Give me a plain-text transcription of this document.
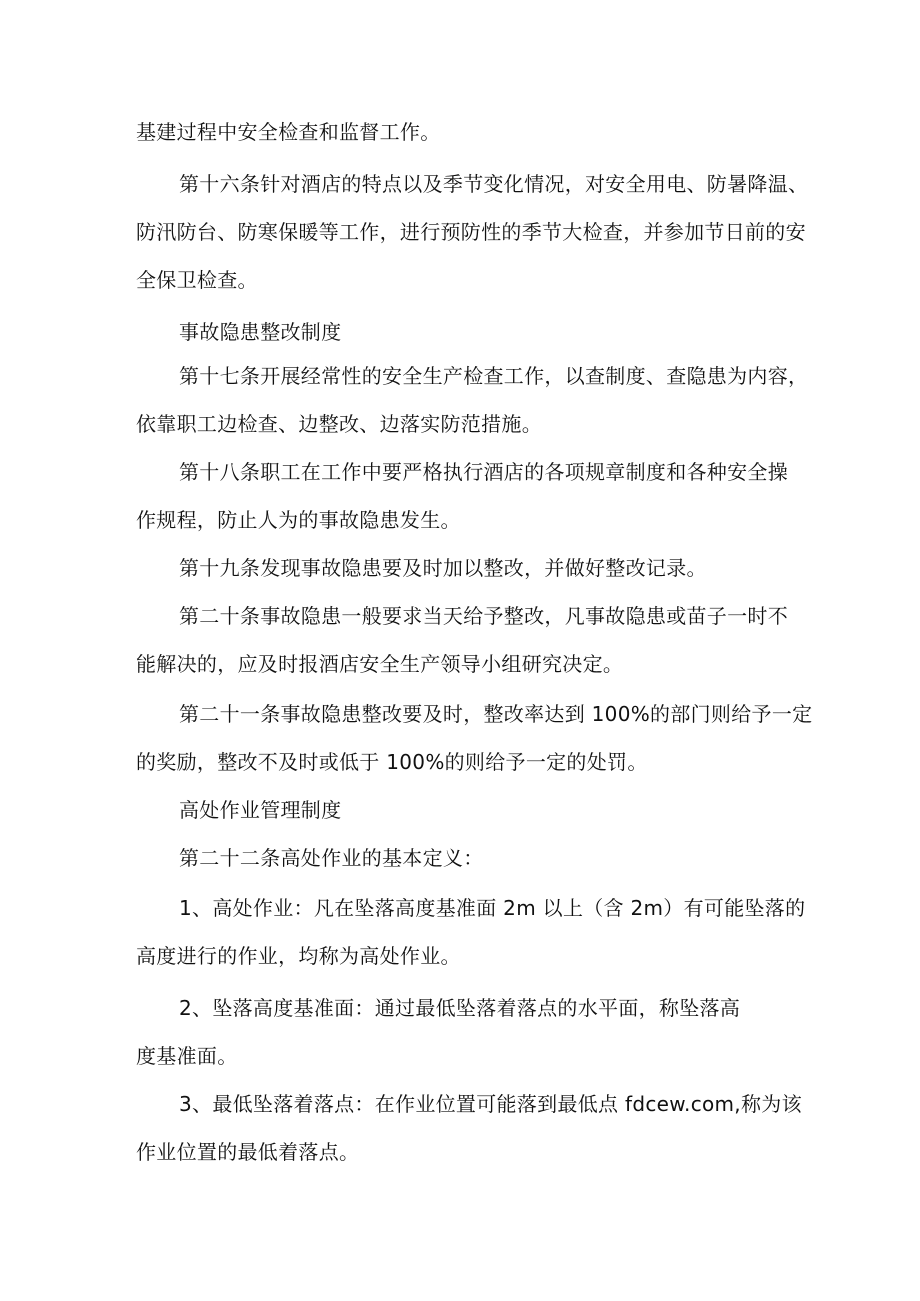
基建过程中安全检查和监督工作。
第十六条针对酒店的特点以及季节变化情况，对安全用电、防暑降温、
防汛防台、防寒保暖等工作，进行预防性的季节大检查，并参加节日前的安
全保卫检查。
事故隐患整改制度
第十七条开展经常性的安全生产检查工作，以查制度、查隐患为内容，
依靠职工边检查、边整改、边落实防范措施。
第十八条职工在工作中要严格执行酒店的各项规章制度和各种安全操
作规程，防止人为的事故隐患发生。
第十九条发现事故隐患要及时加以整改，并做好整改记录。
第二十条事故隐患一般要求当天给予整改，凡事故隐患或苗子一时不
能解决的，应及时报酒店安全生产领导小组研究决定。
第二十一条事故隐患整改要及时，整改率达到 100%的部门则给予一定
的奖励，整改不及时或低于 100%的则给予一定的处罚。
高处作业管理制度
第二十二条高处作业的基本定义：
1、高处作业：凡在坠落高度基准面 2m 以上（含 2m）有可能坠落的
高度进行的作业，均称为高处作业。
2、坠落高度基准面：通过最低坠落着落点的水平面，称坠落高
度基准面。
3、最低坠落着落点：在作业位置可能落到最低点 fdcew.com,称为该
作业位置的最低着落点。
